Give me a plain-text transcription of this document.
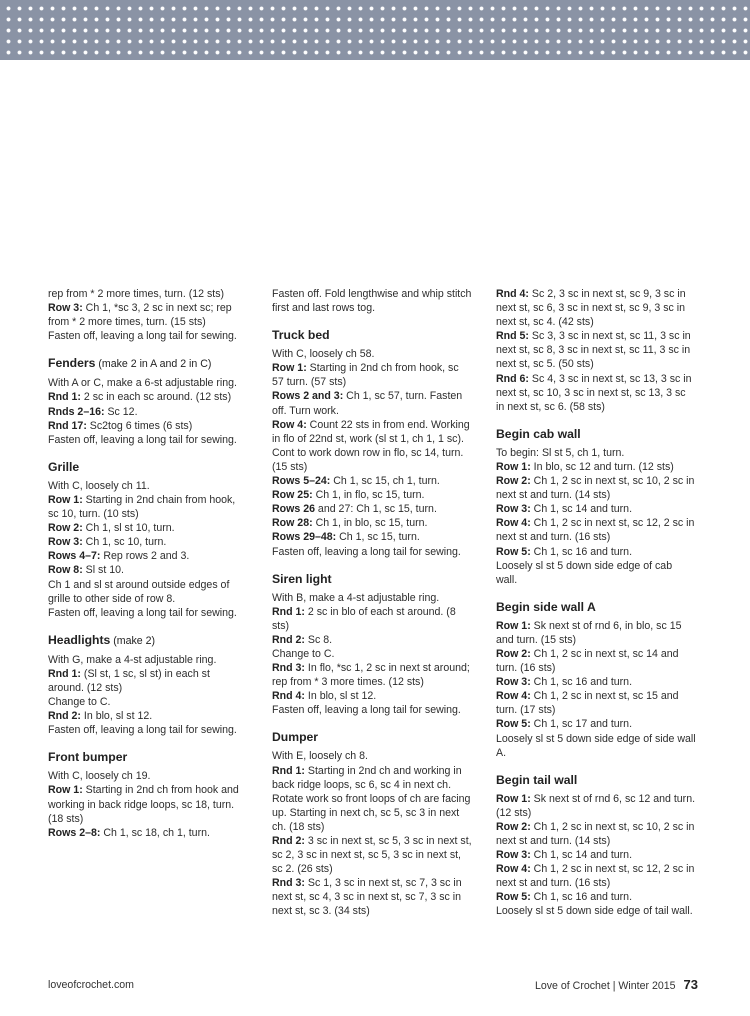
rep from * 2 more times, turn. (12 sts)

Row 3: Ch 1, *sc 3, 2 sc in next sc; rep from * 2 more times, turn. (15 sts)

Fasten off, leaving a long tail for sewing.

Fenders (make 2 in A and 2 in C)

With A or C, make a 6-st adjustable ring.

Rnd 1: 2 sc in each sc around. (12 sts)

Rnds 2–16: Sc 12.

Rnd 17: Sc2tog 6 times (6 sts)

Fasten off, leaving a long tail for sewing.

Grille

With C, loosely ch 11.

Row 1: Starting in 2nd chain from hook, sc 10, turn. (10 sts)

Row 2: Ch 1, sl st 10, turn.

Row 3: Ch 1, sc 10, turn.

Rows 4–7: Rep rows 2 and 3.

Row 8: Sl st 10.

Ch 1 and sl st around outside edges of grille to other side of row 8.

Fasten off, leaving a long tail for sewing.

Headlights (make 2)

With G, make a 4-st adjustable ring.

Rnd 1: (Sl st, 1 sc, sl st) in each st around. (12 sts)

Change to C.

Rnd 2: In blo, sl st 12.

Fasten off, leaving a long tail for sewing.

Front bumper

With C, loosely ch 19.

Row 1: Starting in 2nd ch from hook and working in back ridge loops, sc 18, turn. (18 sts)

Rows 2–8: Ch 1, sc 18, ch 1, turn.

Fasten off. Fold lengthwise and whip stitch first and last rows tog.

Truck bed

With C, loosely ch 58.

Row 1: Starting in 2nd ch from hook, sc 57 turn. (57 sts)

Rows 2 and 3: Ch 1, sc 57, turn. Fasten off. Turn work.

Row 4: Count 22 sts in from end. Working in flo of 22nd st, work (sl st 1, ch 1, 1 sc). Cont to work down row in flo, sc 14, turn. (15 sts)

Rows 5–24: Ch 1, sc 15, ch 1, turn.

Row 25: Ch 1, in flo, sc 15, turn.

Rows 26 and 27: Ch 1, sc 15, turn.

Row 28: Ch 1, in blo, sc 15, turn.

Rows 29–48: Ch 1, sc 15, turn.

Fasten off, leaving a long tail for sewing.

Siren light

With B, make a 4-st adjustable ring.

Rnd 1: 2 sc in blo of each st around. (8 sts)

Rnd 2: Sc 8.

Change to C.

Rnd 3: In flo, *sc 1, 2 sc in next st around; rep from * 3 more times. (12 sts)

Rnd 4: In blo, sl st 12.

Fasten off, leaving a long tail for sewing.

Dumper

With E, loosely ch 8.

Rnd 1: Starting in 2nd ch and working in back ridge loops, sc 6, sc 4 in next ch. Rotate work so front loops of ch are facing up. Starting in next ch, sc 5, sc 3 in next ch. (18 sts)

Rnd 2: 3 sc in next st, sc 5, 3 sc in next st, sc 2, 3 sc in next st, sc 5, 3 sc in next st, sc 2. (26 sts)

Rnd 3: Sc 1, 3 sc in next st, sc 7, 3 sc in next st, sc 4, 3 sc in next st, sc 7, 3 sc in next st, sc 3. (34 sts)

Rnd 4: Sc 2, 3 sc in next st, sc 9, 3 sc in next st, sc 6, 3 sc in next st, sc 9, 3 sc in next st, sc 4. (42 sts)

Rnd 5: Sc 3, 3 sc in next st, sc 11, 3 sc in next st, sc 8, 3 sc in next st, sc 11, 3 sc in next st, sc 5. (50 sts)

Rnd 6: Sc 4, 3 sc in next st, sc 13, 3 sc in next st, sc 10, 3 sc in next st, sc 13, 3 sc in next st, sc 6. (58 sts)

Begin cab wall

To begin: Sl st 5, ch 1, turn.

Row 1: In blo, sc 12 and turn. (12 sts)

Row 2: Ch 1, 2 sc in next st, sc 10, 2 sc in next st and turn. (14 sts)

Row 3: Ch 1, sc 14 and turn.

Row 4: Ch 1, 2 sc in next st, sc 12, 2 sc in next st and turn. (16 sts)

Row 5: Ch 1, sc 16 and turn.

Loosely sl st 5 down side edge of cab wall.

Begin side wall A

Row 1: Sk next st of rnd 6, in blo, sc 15 and turn. (15 sts)

Row 2: Ch 1, 2 sc in next st, sc 14 and turn. (16 sts)

Row 3: Ch 1, sc 16 and turn.

Row 4: Ch 1, 2 sc in next st, sc 15 and turn. (17 sts)

Row 5: Ch 1, sc 17 and turn.

Loosely sl st 5 down side edge of side wall A.

Begin tail wall

Row 1: Sk next st of rnd 6, sc 12 and turn. (12 sts)

Row 2: Ch 1, 2 sc in next st, sc 10, 2 sc in next st and turn. (14 sts)

Row 3: Ch 1, sc 14 and turn.

Row 4: Ch 1, 2 sc in next st, sc 12, 2 sc in next st and turn. (16 sts)

Row 5: Ch 1, sc 16 and turn.

Loosely sl st 5 down side edge of tail wall.

loveofcrochet.com	Love of Crochet | Winter 2015 73
